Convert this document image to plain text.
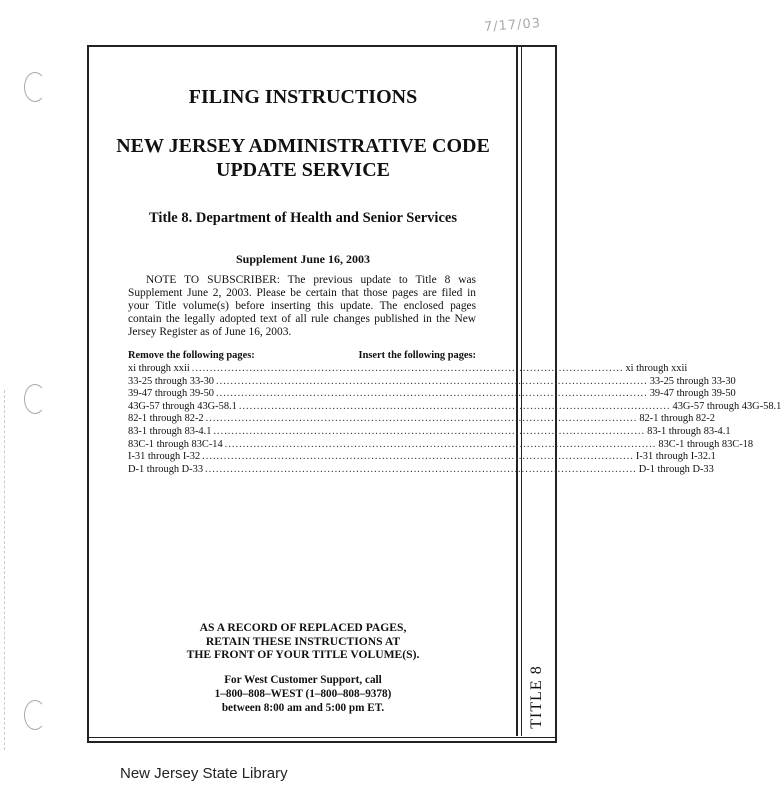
7/17/03
TITLE 8
FILING INSTRUCTIONS
NEW JERSEY ADMINISTRATIVE CODE
UPDATE SERVICE
Title 8. Department of Health and Senior Services
Supplement June 16, 2003
NOTE TO SUBSCRIBER: The previous update to Title 8 was Supplement June 2, 2003. Please be certain that those pages are filed in your Title volume(s) before inserting this update. The enclosed pages contain the legally adopted text of all rule changes published in the New Jersey Register as of June 16, 2003.
Remove the following pages:	Insert the following pages:
xi through xxii ........................................................................................................................ xi through xxii
33-25 through 33-30 ........................................................................................................................ 33-25 through 33-30
39-47 through 39-50 ........................................................................................................................ 39-47 through 39-50
43G-57 through 43G-58.1 ........................................................................................................................ 43G-57 through 43G-58.1
82-1 through 82-2 ........................................................................................................................ 82-1 through 82-2
83-1 through 83-4.1 ........................................................................................................................ 83-1 through 83-4.1
83C-1 through 83C-14 ........................................................................................................................ 83C-1 through 83C-18
I-31 through I-32 ........................................................................................................................ I-31 through I-32.1
D-1 through D-33 ........................................................................................................................ D-1 through D-33
AS A RECORD OF REPLACED PAGES,
RETAIN THESE INSTRUCTIONS AT
THE FRONT OF YOUR TITLE VOLUME(S).
For West Customer Support, call
1–800–808–WEST (1–800–808–9378)
between 8:00 am and 5:00 pm ET.
New Jersey State Library
